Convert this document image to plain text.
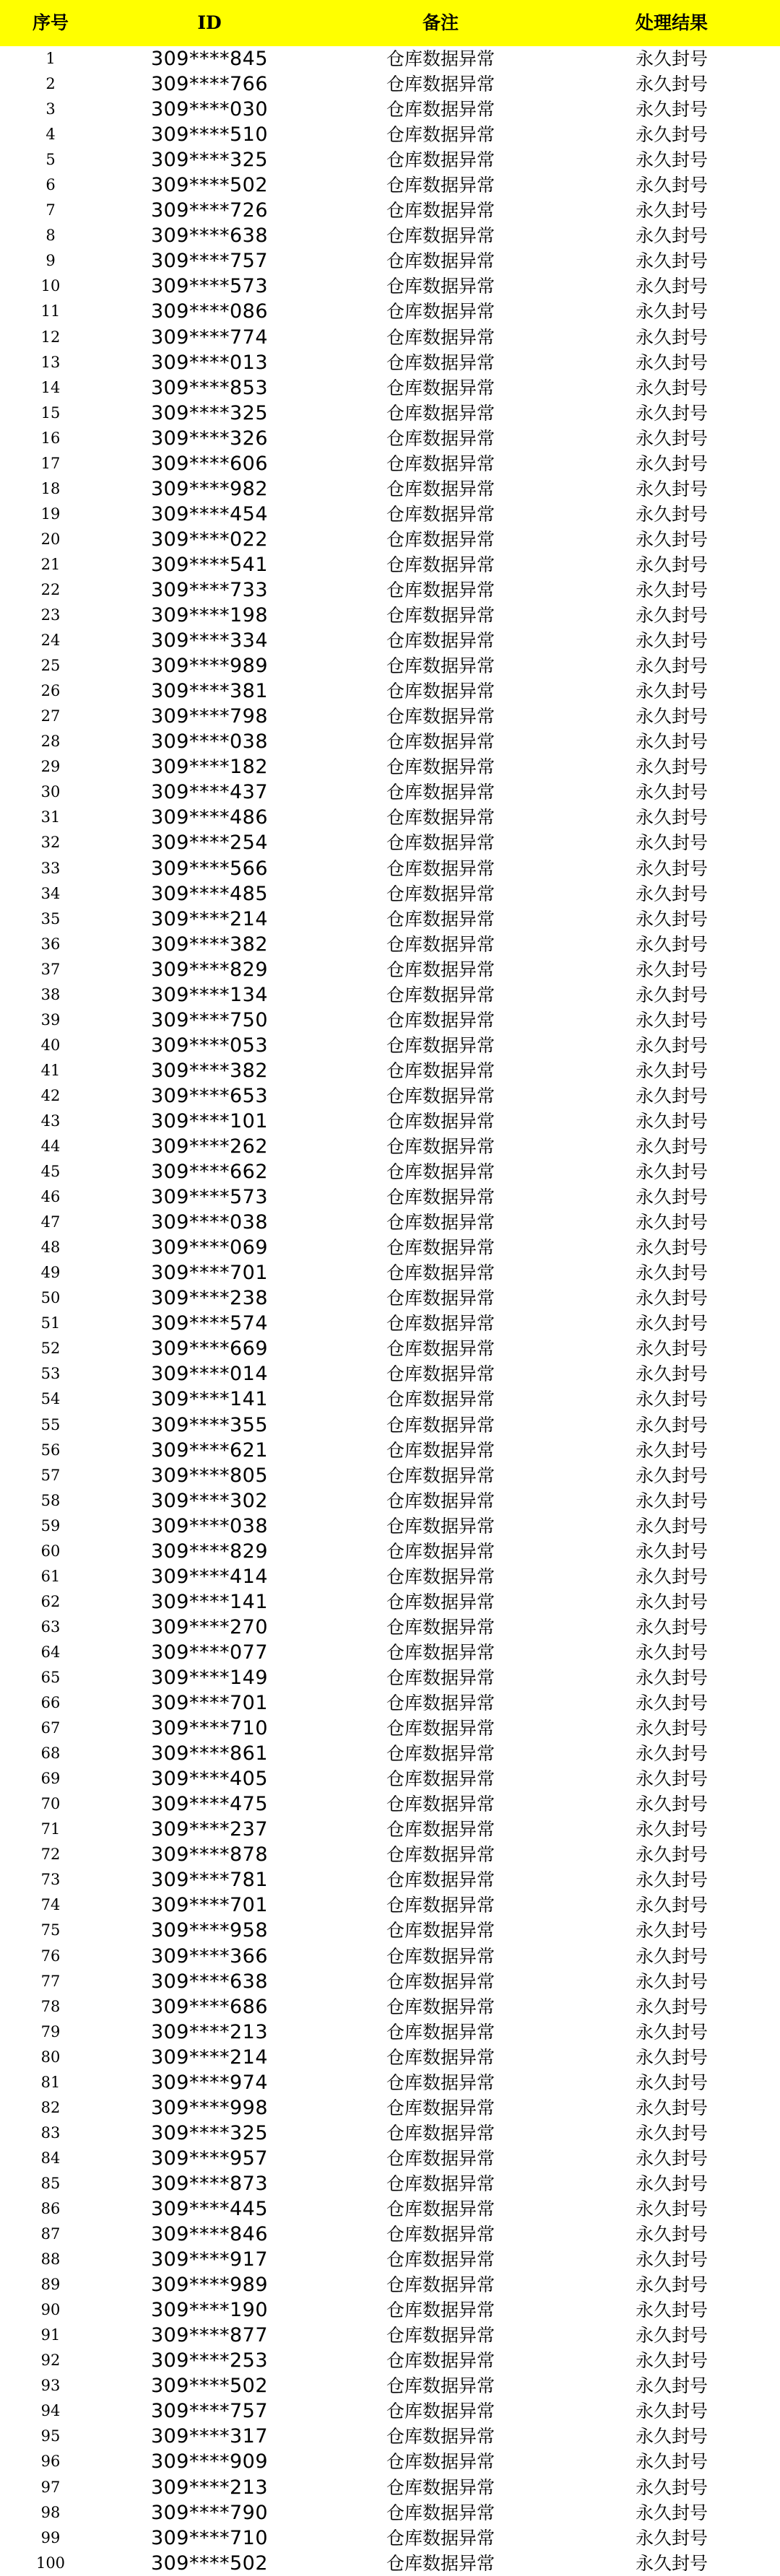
序号	ID	备注	处理结果
1	309****845	仓库数据异常	永久封号
2	309****766	仓库数据异常	永久封号
3	309****030	仓库数据异常	永久封号
4	309****510	仓库数据异常	永久封号
5	309****325	仓库数据异常	永久封号
6	309****502	仓库数据异常	永久封号
7	309****726	仓库数据异常	永久封号
8	309****638	仓库数据异常	永久封号
9	309****757	仓库数据异常	永久封号
10	309****573	仓库数据异常	永久封号
11	309****086	仓库数据异常	永久封号
12	309****774	仓库数据异常	永久封号
13	309****013	仓库数据异常	永久封号
14	309****853	仓库数据异常	永久封号
15	309****325	仓库数据异常	永久封号
16	309****326	仓库数据异常	永久封号
17	309****606	仓库数据异常	永久封号
18	309****982	仓库数据异常	永久封号
19	309****454	仓库数据异常	永久封号
20	309****022	仓库数据异常	永久封号
21	309****541	仓库数据异常	永久封号
22	309****733	仓库数据异常	永久封号
23	309****198	仓库数据异常	永久封号
24	309****334	仓库数据异常	永久封号
25	309****989	仓库数据异常	永久封号
26	309****381	仓库数据异常	永久封号
27	309****798	仓库数据异常	永久封号
28	309****038	仓库数据异常	永久封号
29	309****182	仓库数据异常	永久封号
30	309****437	仓库数据异常	永久封号
31	309****486	仓库数据异常	永久封号
32	309****254	仓库数据异常	永久封号
33	309****566	仓库数据异常	永久封号
34	309****485	仓库数据异常	永久封号
35	309****214	仓库数据异常	永久封号
36	309****382	仓库数据异常	永久封号
37	309****829	仓库数据异常	永久封号
38	309****134	仓库数据异常	永久封号
39	309****750	仓库数据异常	永久封号
40	309****053	仓库数据异常	永久封号
41	309****382	仓库数据异常	永久封号
42	309****653	仓库数据异常	永久封号
43	309****101	仓库数据异常	永久封号
44	309****262	仓库数据异常	永久封号
45	309****662	仓库数据异常	永久封号
46	309****573	仓库数据异常	永久封号
47	309****038	仓库数据异常	永久封号
48	309****069	仓库数据异常	永久封号
49	309****701	仓库数据异常	永久封号
50	309****238	仓库数据异常	永久封号
51	309****574	仓库数据异常	永久封号
52	309****669	仓库数据异常	永久封号
53	309****014	仓库数据异常	永久封号
54	309****141	仓库数据异常	永久封号
55	309****355	仓库数据异常	永久封号
56	309****621	仓库数据异常	永久封号
57	309****805	仓库数据异常	永久封号
58	309****302	仓库数据异常	永久封号
59	309****038	仓库数据异常	永久封号
60	309****829	仓库数据异常	永久封号
61	309****414	仓库数据异常	永久封号
62	309****141	仓库数据异常	永久封号
63	309****270	仓库数据异常	永久封号
64	309****077	仓库数据异常	永久封号
65	309****149	仓库数据异常	永久封号
66	309****701	仓库数据异常	永久封号
67	309****710	仓库数据异常	永久封号
68	309****861	仓库数据异常	永久封号
69	309****405	仓库数据异常	永久封号
70	309****475	仓库数据异常	永久封号
71	309****237	仓库数据异常	永久封号
72	309****878	仓库数据异常	永久封号
73	309****781	仓库数据异常	永久封号
74	309****701	仓库数据异常	永久封号
75	309****958	仓库数据异常	永久封号
76	309****366	仓库数据异常	永久封号
77	309****638	仓库数据异常	永久封号
78	309****686	仓库数据异常	永久封号
79	309****213	仓库数据异常	永久封号
80	309****214	仓库数据异常	永久封号
81	309****974	仓库数据异常	永久封号
82	309****998	仓库数据异常	永久封号
83	309****325	仓库数据异常	永久封号
84	309****957	仓库数据异常	永久封号
85	309****873	仓库数据异常	永久封号
86	309****445	仓库数据异常	永久封号
87	309****846	仓库数据异常	永久封号
88	309****917	仓库数据异常	永久封号
89	309****989	仓库数据异常	永久封号
90	309****190	仓库数据异常	永久封号
91	309****877	仓库数据异常	永久封号
92	309****253	仓库数据异常	永久封号
93	309****502	仓库数据异常	永久封号
94	309****757	仓库数据异常	永久封号
95	309****317	仓库数据异常	永久封号
96	309****909	仓库数据异常	永久封号
97	309****213	仓库数据异常	永久封号
98	309****790	仓库数据异常	永久封号
99	309****710	仓库数据异常	永久封号
100	309****502	仓库数据异常	永久封号
